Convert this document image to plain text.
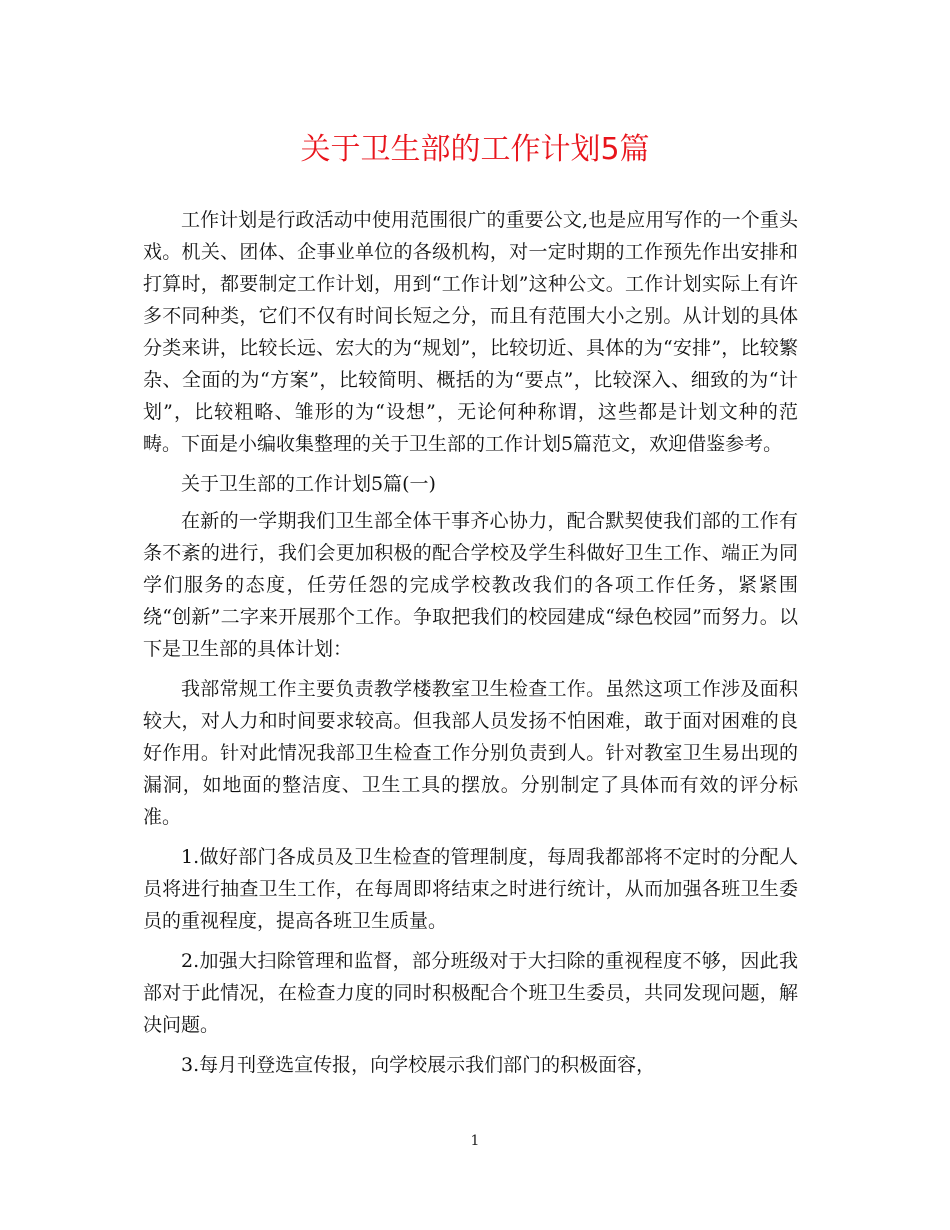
关于卫生部的工作计划5篇

工作计划是行政活动中使用范围很广的重要公文,也是应用写作的一个重头戏。机关、团体、企事业单位的各级机构，对一定时期的工作预先作出安排和打算时，都要制定工作计划，用到“工作计划”这种公文。工作计划实际上有许多不同种类，它们不仅有时间长短之分，而且有范围大小之别。从计划的具体分类来讲，比较长远、宏大的为“规划”，比较切近、具体的为“安排”，比较繁杂、全面的为“方案”，比较简明、概括的为“要点”，比较深入、细致的为“计划”，比较粗略、雏形的为“设想”，无论何种称谓，这些都是计划文种的范畴。下面是小编收集整理的关于卫生部的工作计划5篇范文，欢迎借鉴参考。

关于卫生部的工作计划5篇(一)

在新的一学期我们卫生部全体干事齐心协力，配合默契使我们部的工作有条不紊的进行，我们会更加积极的配合学校及学生科做好卫生工作、端正为同学们服务的态度，任劳任怨的完成学校教改我们的各项工作任务，紧紧围绕“创新”二字来开展那个工作。争取把我们的校园建成“绿色校园”而努力。以下是卫生部的具体计划：

我部常规工作主要负责教学楼教室卫生检查工作。虽然这项工作涉及面积较大，对人力和时间要求较高。但我部人员发扬不怕困难，敢于面对困难的良好作用。针对此情况我部卫生检查工作分别负责到人。针对教室卫生易出现的漏洞，如地面的整洁度、卫生工具的摆放。分别制定了具体而有效的评分标准。

1.做好部门各成员及卫生检查的管理制度，每周我都部将不定时的分配人员将进行抽查卫生工作，在每周即将结束之时进行统计，从而加强各班卫生委员的重视程度，提高各班卫生质量。

2.加强大扫除管理和监督，部分班级对于大扫除的重视程度不够，因此我部对于此情况，在检查力度的同时积极配合个班卫生委员，共同发现问题，解决问题。

3.每月刊登选宣传报，向学校展示我们部门的积极面容，

1
